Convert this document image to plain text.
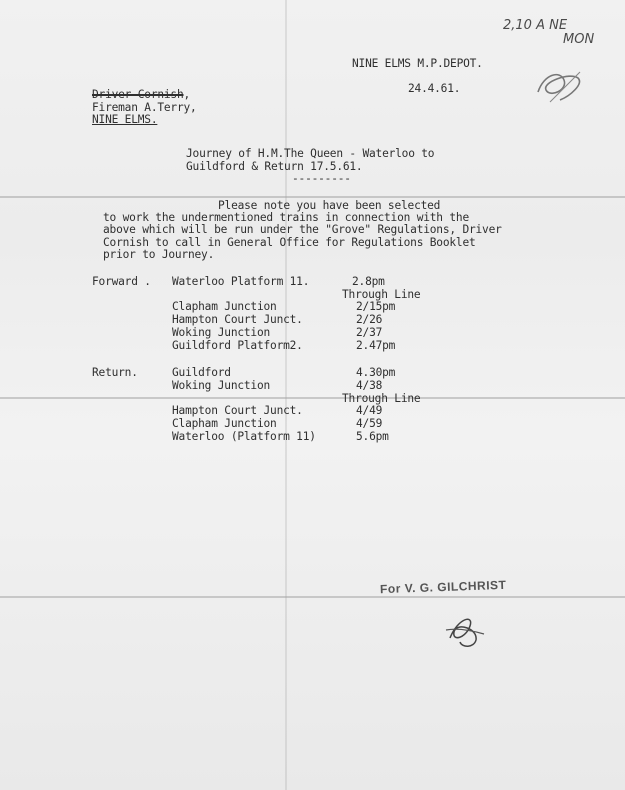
2,10 A NE
MON
NINE ELMS M.P.DEPOT.
24.4.61.
Driver Cornish,
Fireman A.Terry,
NINE ELMS.
Journey of H.M.The Queen - Waterloo to
Guildford & Return 17.5.61.
---------
Please note you have been selected
to work the undermentioned trains in connection with the
above which will be run under the "Grove" Regulations, Driver
Cornish to call in General Office for Regulations Booklet
prior to Journey.
Forward . Waterloo Platform 11.	2.8pm
Through Line
Clapham Junction	2/15pm
Hampton Court Junct.	2/26
Woking Junction	2/37
Guildford Platform2.	2.47pm
Return.	Guildford	4.30pm
Woking Junction	4/38
Through Line
Hampton Court Junct.	4/49
Clapham Junction	4/59
Waterloo (Platform 11)	5.6pm
For V. G. GILCHRIST
